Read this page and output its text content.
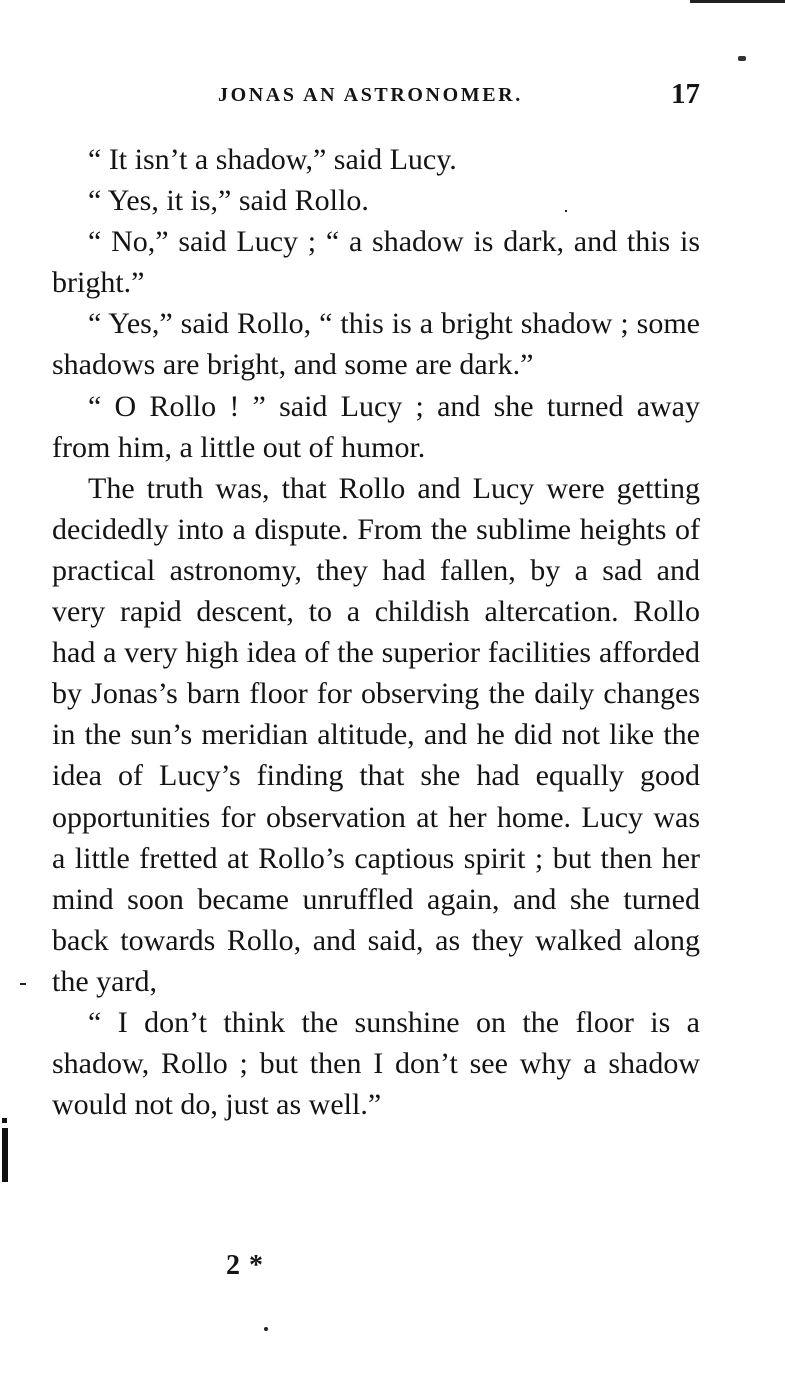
JONAS AN ASTRONOMER.	17

“ It isn’t a shadow,” said Lucy.

“ Yes, it is,” said Rollo.

“ No,” said Lucy ; “ a shadow is dark, and this is bright.”

“ Yes,” said Rollo, “ this is a bright shadow ; some shadows are bright, and some are dark.”

“ O Rollo ! ” said Lucy ; and she turned away from him, a little out of humor.

The truth was, that Rollo and Lucy were getting decidedly into a dispute. From the sublime heights of practical astronomy, they had fallen, by a sad and very rapid descent, to a childish altercation. Rollo had a very high idea of the superior facilities afforded by Jonas’s barn floor for observing the daily changes in the sun’s meridian altitude, and he did not like the idea of Lucy’s finding that she had equally good opportunities for observation at her home. Lucy was a little fretted at Rollo’s captious spirit ; but then her mind soon became unruffled again, and she turned back towards Rollo, and said, as they walked along the yard,

“ I don’t think the sunshine on the floor is a shadow, Rollo ; but then I don’t see why a shadow would not do, just as well.”

2 *
